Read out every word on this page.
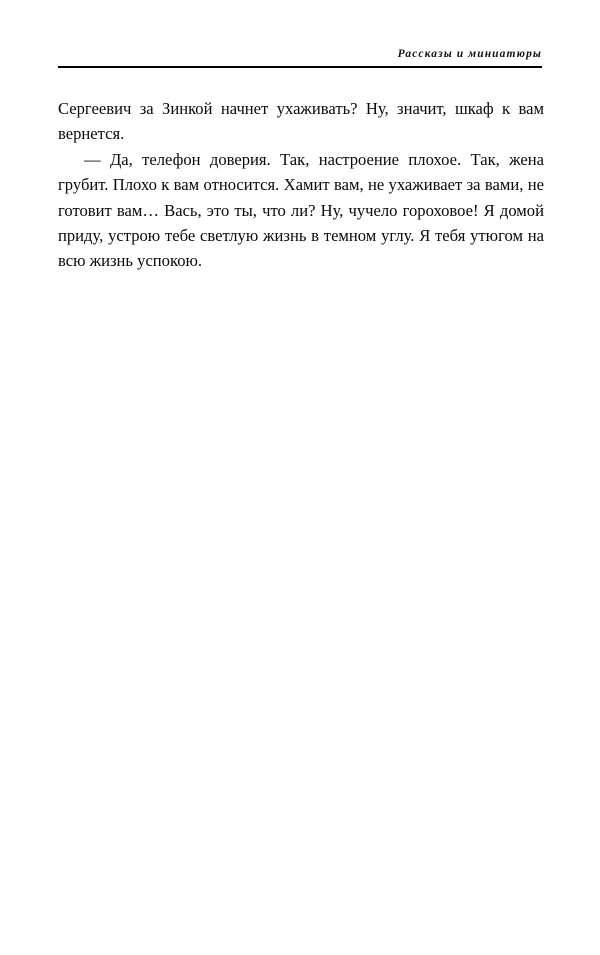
Рассказы и миниатюры

Сергеевич за Зинкой начнет ухаживать? Ну, значит, шкаф к вам вернется.

— Да, телефон доверия. Так, настроение плохое. Так, жена грубит. Плохо к вам относится. Хамит вам, не ухаживает за вами, не готовит вам… Вась, это ты, что ли? Ну, чучело гороховое! Я домой приду, устрою тебе светлую жизнь в темном углу. Я тебя утюгом на всю жизнь успокою.
